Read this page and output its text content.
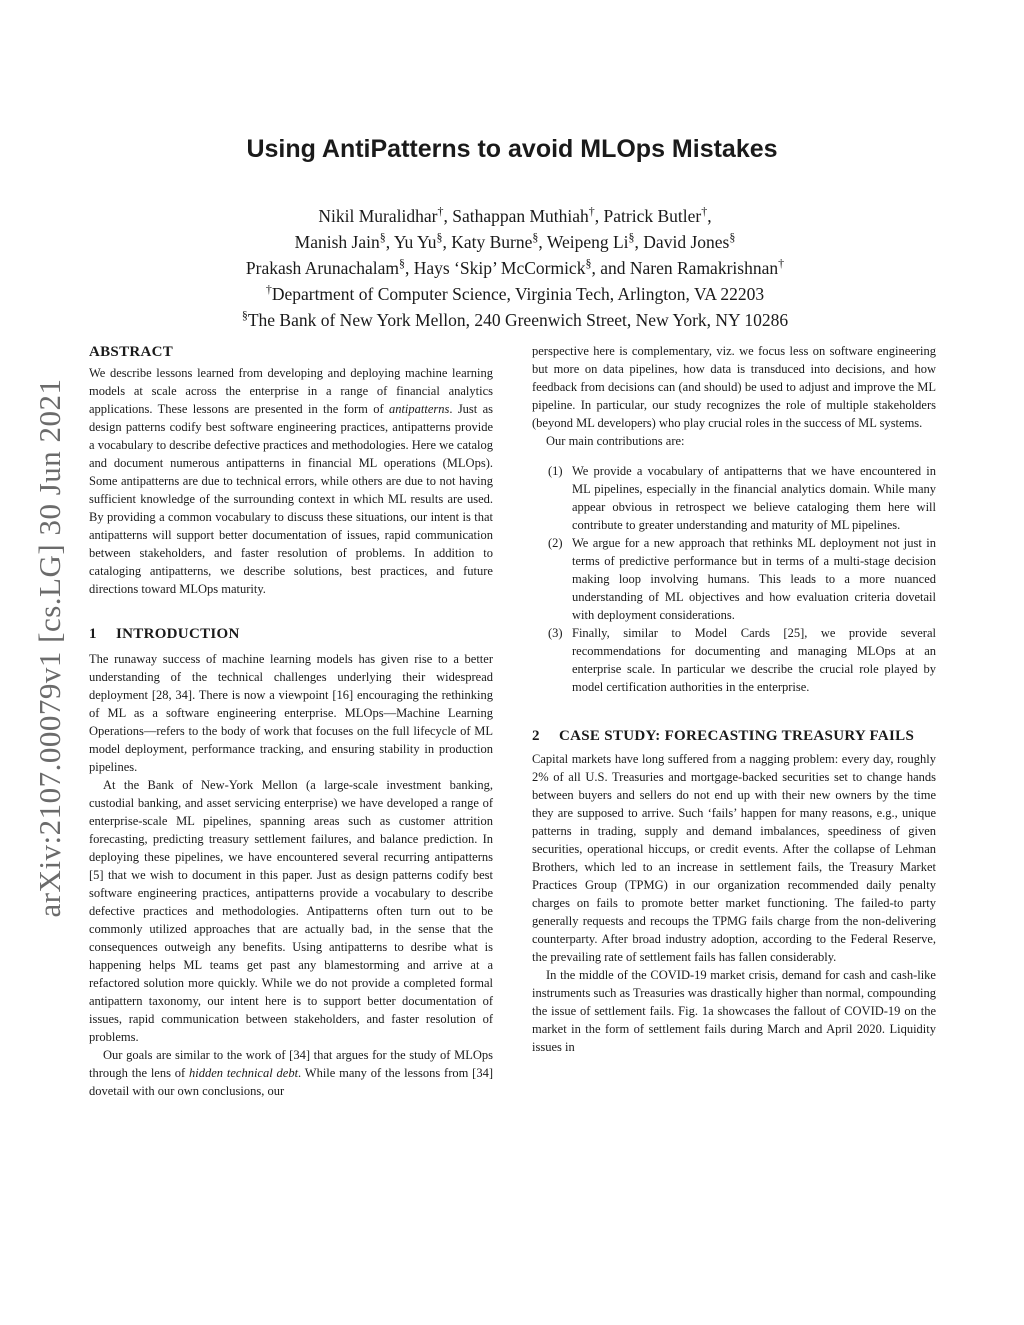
arXiv:2107.00079v1 [cs.LG] 30 Jun 2021
Using AntiPatterns to avoid MLOps Mistakes
Nikil Muralidhar†, Sathappan Muthiah†, Patrick Butler†,
Manish Jain§, Yu Yu§, Katy Burne§, Weipeng Li§, David Jones§
Prakash Arunachalam§, Hays ‘Skip’ McCormick§, and Naren Ramakrishnan†
†Department of Computer Science, Virginia Tech, Arlington, VA 22203
§The Bank of New York Mellon, 240 Greenwich Street, New York, NY 10286
ABSTRACT

We describe lessons learned from developing and deploying machine learning models at scale across the enterprise in a range of financial analytics applications. These lessons are presented in the form of antipatterns. Just as design patterns codify best software engineering practices, antipatterns provide a vocabulary to describe defective practices and methodologies. Here we catalog and document numerous antipatterns in financial ML operations (MLOps). Some antipatterns are due to technical errors, while others are due to not having sufficient knowledge of the surrounding context in which ML results are used. By providing a common vocabulary to discuss these situations, our intent is that antipatterns will support better documentation of issues, rapid communication between stakeholders, and faster resolution of problems. In addition to cataloging antipatterns, we describe solutions, best practices, and future directions toward MLOps maturity.

1 INTRODUCTION

The runaway success of machine learning models has given rise to a better understanding of the technical challenges underlying their widespread deployment [28, 34]. There is now a viewpoint [16] encouraging the rethinking of ML as a software engineering enterprise. MLOps—Machine Learning Operations—refers to the body of work that focuses on the full lifecycle of ML model deployment, performance tracking, and ensuring stability in production pipelines.

At the Bank of New-York Mellon (a large-scale investment banking, custodial banking, and asset servicing enterprise) we have developed a range of enterprise-scale ML pipelines, spanning areas such as customer attrition forecasting, predicting treasury settlement failures, and balance prediction. In deploying these pipelines, we have encountered several recurring antipatterns [5] that we wish to document in this paper. Just as design patterns codify best software engineering practices, antipatterns provide a vocabulary to describe defective practices and methodologies. Antipatterns often turn out to be commonly utilized approaches that are actually bad, in the sense that the consequences outweigh any benefits. Using antipatterns to desribe what is happening helps ML teams get past any blamestorming and arrive at a refactored solution more quickly. While we do not provide a completed formal antipattern taxonomy, our intent here is to support better documentation of issues, rapid communication between stakeholders, and faster resolution of problems.

Our goals are similar to the work of [34] that argues for the study of MLOps through the lens of hidden technical debt. While many of the lessons from [34] dovetail with our own conclusions, our

perspective here is complementary, viz. we focus less on software engineering but more on data pipelines, how data is transduced into decisions, and how feedback from decisions can (and should) be used to adjust and improve the ML pipeline. In particular, our study recognizes the role of multiple stakeholders (beyond ML developers) who play crucial roles in the success of ML systems.

Our main contributions are:

(1) We provide a vocabulary of antipatterns that we have encountered in ML pipelines, especially in the financial analytics domain. While many appear obvious in retrospect we believe cataloging them here will contribute to greater understanding and maturity of ML pipelines.
(2) We argue for a new approach that rethinks ML deployment not just in terms of predictive performance but in terms of a multi-stage decision making loop involving humans. This leads to a more nuanced understanding of ML objectives and how evaluation criteria dovetail with deployment considerations.
(3) Finally, similar to Model Cards [25], we provide several recommendations for documenting and managing MLOps at an enterprise scale. In particular we describe the crucial role played by model certification authorities in the enterprise.
2 CASE STUDY: FORECASTING TREASURY FAILS

Capital markets have long suffered from a nagging problem: every day, roughly 2% of all U.S. Treasuries and mortgage-backed securities set to change hands between buyers and sellers do not end up with their new owners by the time they are supposed to arrive. Such ‘fails’ happen for many reasons, e.g., unique patterns in trading, supply and demand imbalances, speediness of given securities, operational hiccups, or credit events. After the collapse of Lehman Brothers, which led to an increase in settlement fails, the Treasury Market Practices Group (TPMG) in our organization recommended daily penalty charges on fails to promote better market functioning. The failed-to party generally requests and recoups the TPMG fails charge from the non-delivering counterparty. After broad industry adoption, according to the Federal Reserve, the prevailing rate of settlement fails has fallen considerably.

In the middle of the COVID-19 market crisis, demand for cash and cash-like instruments such as Treasuries was drastically higher than normal, compounding the issue of settlement fails. Fig. 1a showcases the fallout of COVID-19 on the market in the form of settlement fails during March and April 2020. Liquidity issues in
